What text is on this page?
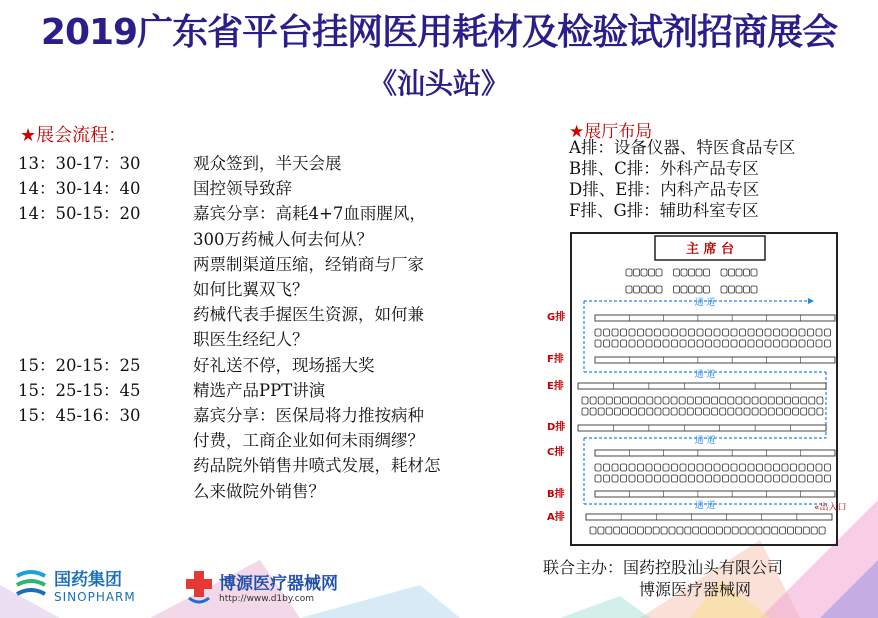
2019广东省平台挂网医用耗材及检验试剂招商展会
《汕头站》
★展会流程：
13：30-17：30	观众签到，半天会展
14：30-14：40	国控领导致辞
14：50-15：20	嘉宾分享：高耗4+7血雨腥风，
300万药械人何去何从？
两票制渠道压缩，经销商与厂家
如何比翼双飞？
药械代表手握医生资源，如何兼
职医生经纪人？
15：20-15：25	好礼送不停，现场摇大奖
15：25-15：45	精选产品PPT讲演
15：45-16：30	嘉宾分享：医保局将力推按病种
付费，工商企业如何未雨绸缪？
药品院外销售井喷式发展，耗材怎
么来做院外销售？
★展厅布局
A排：设备仪器、特医食品专区
B排、C排：外科产品专区
D排、E排：内科产品专区
F排、G排：辅助科室专区
主 席 台
G排
F排
E排
D排
C排
B排
A排
通 道
通 道
通 道
通 道	«出入口
联合主办：国药控股汕头有限公司
博源医疗器械网
国药集团
SINOPHARM
博源医疗器械网
http://www.d1by.com
